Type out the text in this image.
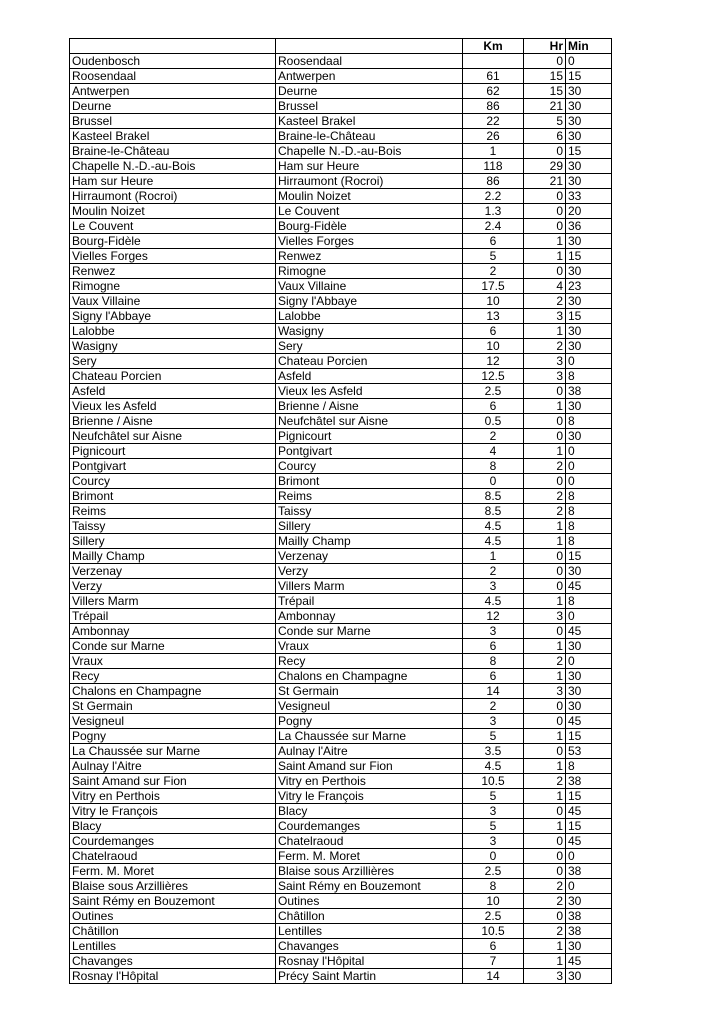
		Km	Hr	Min
Oudenbosch	Roosendaal		0	0
Roosendaal	Antwerpen	61	15	15
Antwerpen	Deurne	62	15	30
Deurne	Brussel	86	21	30
Brussel	Kasteel Brakel	22	5	30
Kasteel Brakel	Braine-le-Château	26	6	30
Braine-le-Château	Chapelle N.-D.-au-Bois	1	0	15
Chapelle N.-D.-au-Bois	Ham sur Heure	118	29	30
Ham sur Heure	Hirraumont (Rocroi)	86	21	30
Hirraumont (Rocroi)	Moulin Noizet	2.2	0	33
Moulin Noizet	Le Couvent	1.3	0	20
Le Couvent	Bourg-Fidèle	2.4	0	36
Bourg-Fidèle	Vielles Forges	6	1	30
Vielles Forges	Renwez	5	1	15
Renwez	Rimogne	2	0	30
Rimogne	Vaux Villaine	17.5	4	23
Vaux Villaine	Signy l'Abbaye	10	2	30
Signy l'Abbaye	Lalobbe	13	3	15
Lalobbe	Wasigny	6	1	30
Wasigny	Sery	10	2	30
Sery	Chateau Porcien	12	3	0
Chateau Porcien	Asfeld	12.5	3	8
Asfeld	Vieux les Asfeld	2.5	0	38
Vieux les Asfeld	Brienne / Aisne	6	1	30
Brienne / Aisne	Neufchâtel sur Aisne	0.5	0	8
Neufchâtel sur Aisne	Pignicourt	2	0	30
Pignicourt	Pontgivart	4	1	0
Pontgivart	Courcy	8	2	0
Courcy	Brimont	0	0	0
Brimont	Reims	8.5	2	8
Reims	Taissy	8.5	2	8
Taissy	Sillery	4.5	1	8
Sillery	Mailly Champ	4.5	1	8
Mailly Champ	Verzenay	1	0	15
Verzenay	Verzy	2	0	30
Verzy	Villers Marm	3	0	45
Villers Marm	Trépail	4.5	1	8
Trépail	Ambonnay	12	3	0
Ambonnay	Conde sur Marne	3	0	45
Conde sur Marne	Vraux	6	1	30
Vraux	Recy	8	2	0
Recy	Chalons en Champagne	6	1	30
Chalons en Champagne	St Germain	14	3	30
St Germain	Vesigneul	2	0	30
Vesigneul	Pogny	3	0	45
Pogny	La Chaussée sur Marne	5	1	15
La Chaussée sur Marne	Aulnay l'Aitre	3.5	0	53
Aulnay l'Aitre	Saint Amand sur Fion	4.5	1	8
Saint Amand sur Fion	Vitry en Perthois	10.5	2	38
Vitry en Perthois	Vitry le François	5	1	15
Vitry le François	Blacy	3	0	45
Blacy	Courdemanges	5	1	15
Courdemanges	Chatelraoud	3	0	45
Chatelraoud	Ferm. M. Moret	0	0	0
Ferm. M. Moret	Blaise sous Arzillières	2.5	0	38
Blaise sous Arzillières	Saint Rémy en Bouzemont	8	2	0
Saint Rémy en Bouzemont	Outines	10	2	30
Outines	Châtillon	2.5	0	38
Châtillon	Lentilles	10.5	2	38
Lentilles	Chavanges	6	1	30
Chavanges	Rosnay l'Hôpital	7	1	45
Rosnay l'Hôpital	Précy Saint Martin	14	3	30
